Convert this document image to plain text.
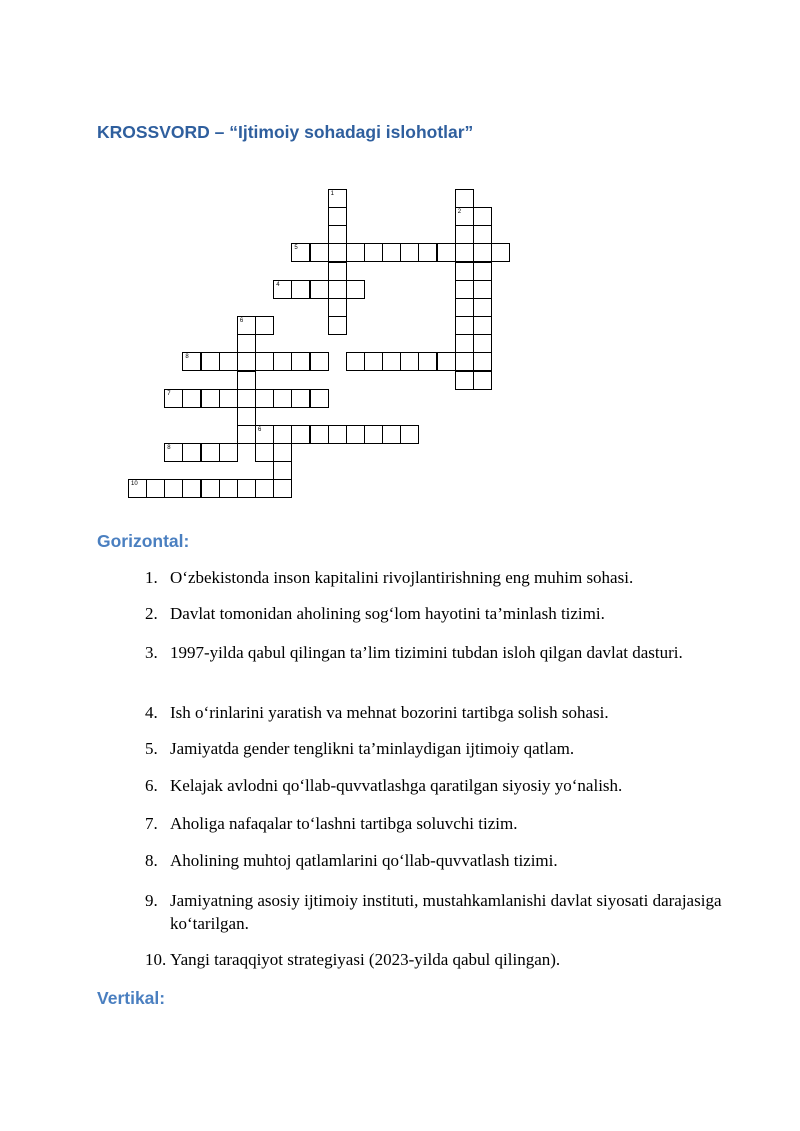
KROSSVORD – “Ijtimoiy sohadagi islohotlar”
1
2
5
4
6
8
7
6
8
10
Gorizontal:
1. O‘zbekistonda inson kapitalini rivojlantirishning eng muhim sohasi.
2. Davlat tomonidan aholining sog‘lom hayotini ta’minlash tizimi.
3. 1997-yilda qabul qilingan ta’lim tizimini tubdan isloh qilgan davlat dasturi.
4. Ish o‘rinlarini yaratish va mehnat bozorini tartibga solish sohasi.
5. Jamiyatda gender tenglikni ta’minlaydigan ijtimoiy qatlam.
6. Kelajak avlodni qo‘llab-quvvatlashga qaratilgan siyosiy yo‘nalish.
7. Aholiga nafaqalar to‘lashni tartibga soluvchi tizim.
8. Aholining muhtoj qatlamlarini qo‘llab-quvvatlash tizimi.
9. Jamiyatning asosiy ijtimoiy instituti, mustahkamlanishi davlat siyosati darajasiga ko‘tarilgan.
10. Yangi taraqqiyot strategiyasi (2023-yilda qabul qilingan).
Vertikal:
